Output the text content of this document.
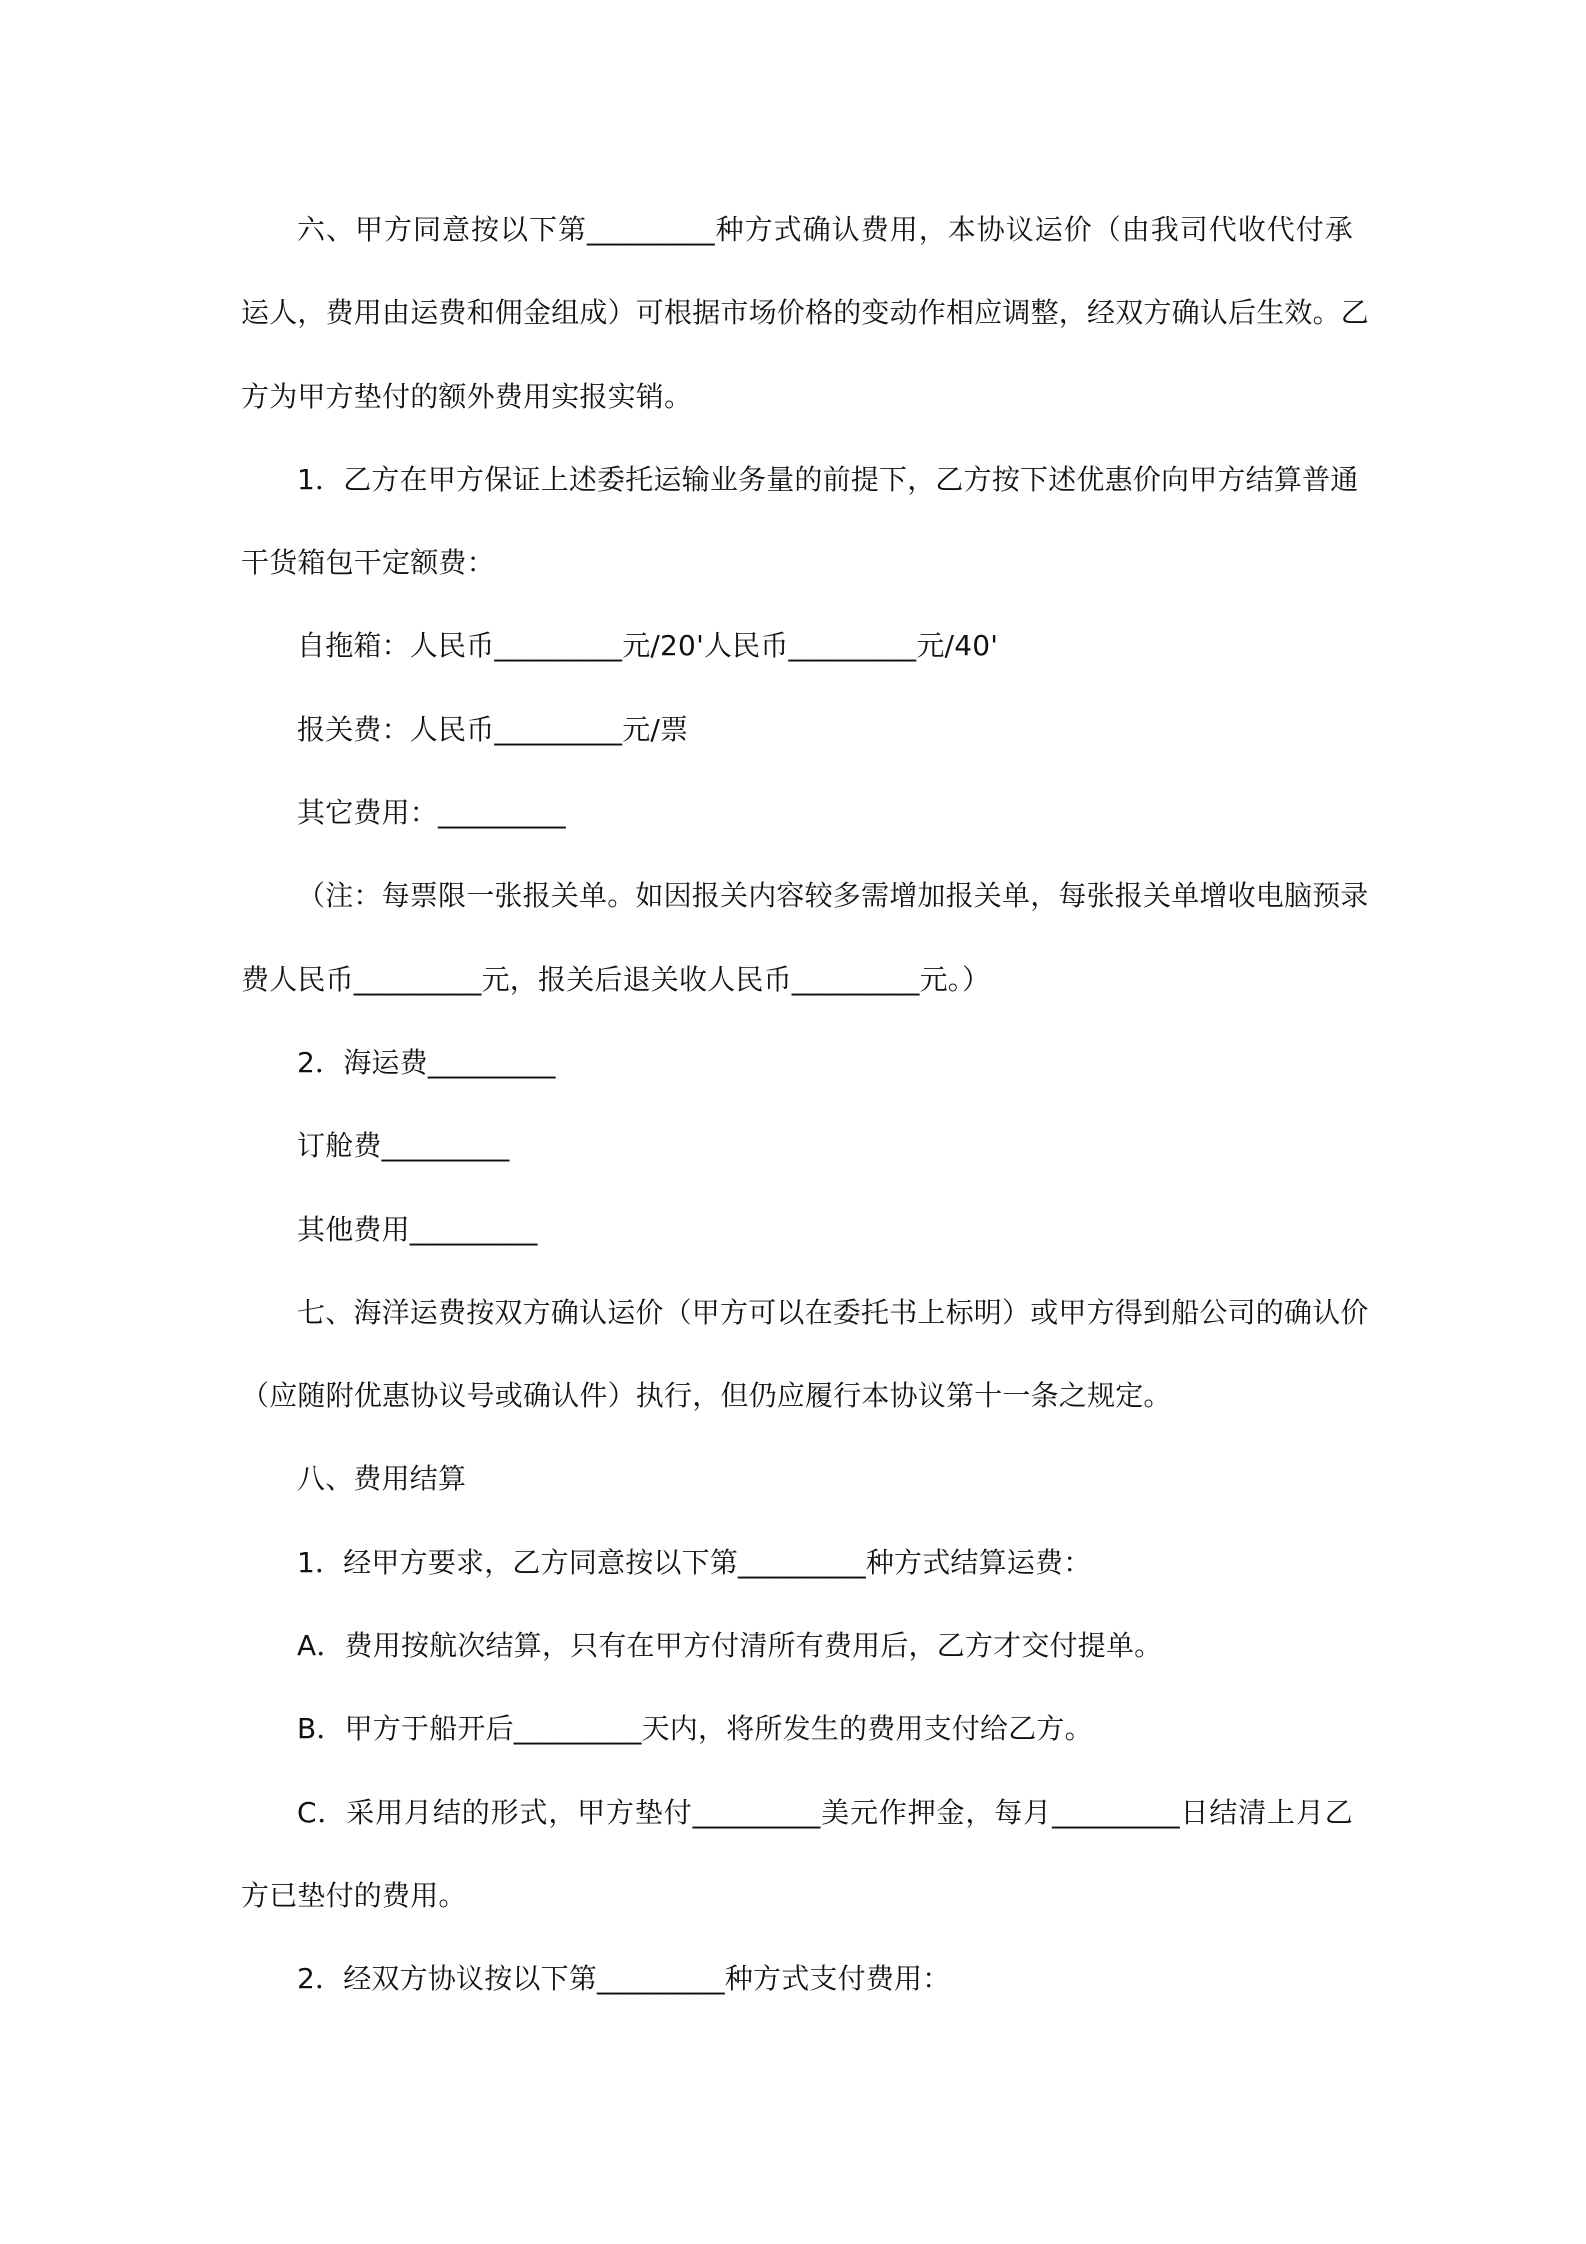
六、甲方同意按以下第_________种方式确认费用，本协议运价（由我司代收代付承
运人，费用由运费和佣金组成）可根据市场价格的变动作相应调整，经双方确认后生效。乙
方为甲方垫付的额外费用实报实销。
1．乙方在甲方保证上述委托运输业务量的前提下，乙方按下述优惠价向甲方结算普通
干货箱包干定额费：
自拖箱：人民币_________元/20'人民币_________元/40'
报关费：人民币_________元/票
其它费用：_________
（注：每票限一张报关单。如因报关内容较多需增加报关单，每张报关单增收电脑预录
费人民币_________元，报关后退关收人民币_________元。）
2．海运费_________
订舱费_________
其他费用_________
七、海洋运费按双方确认运价（甲方可以在委托书上标明）或甲方得到船公司的确认价
（应随附优惠协议号或确认件）执行，但仍应履行本协议第十一条之规定。
八、费用结算
1．经甲方要求，乙方同意按以下第_________种方式结算运费：
A．费用按航次结算，只有在甲方付清所有费用后，乙方才交付提单。
B．甲方于船开后_________天内，将所发生的费用支付给乙方。
C．采用月结的形式，甲方垫付_________美元作押金，每月_________日结清上月乙
方已垫付的费用。
2．经双方协议按以下第_________种方式支付费用：
